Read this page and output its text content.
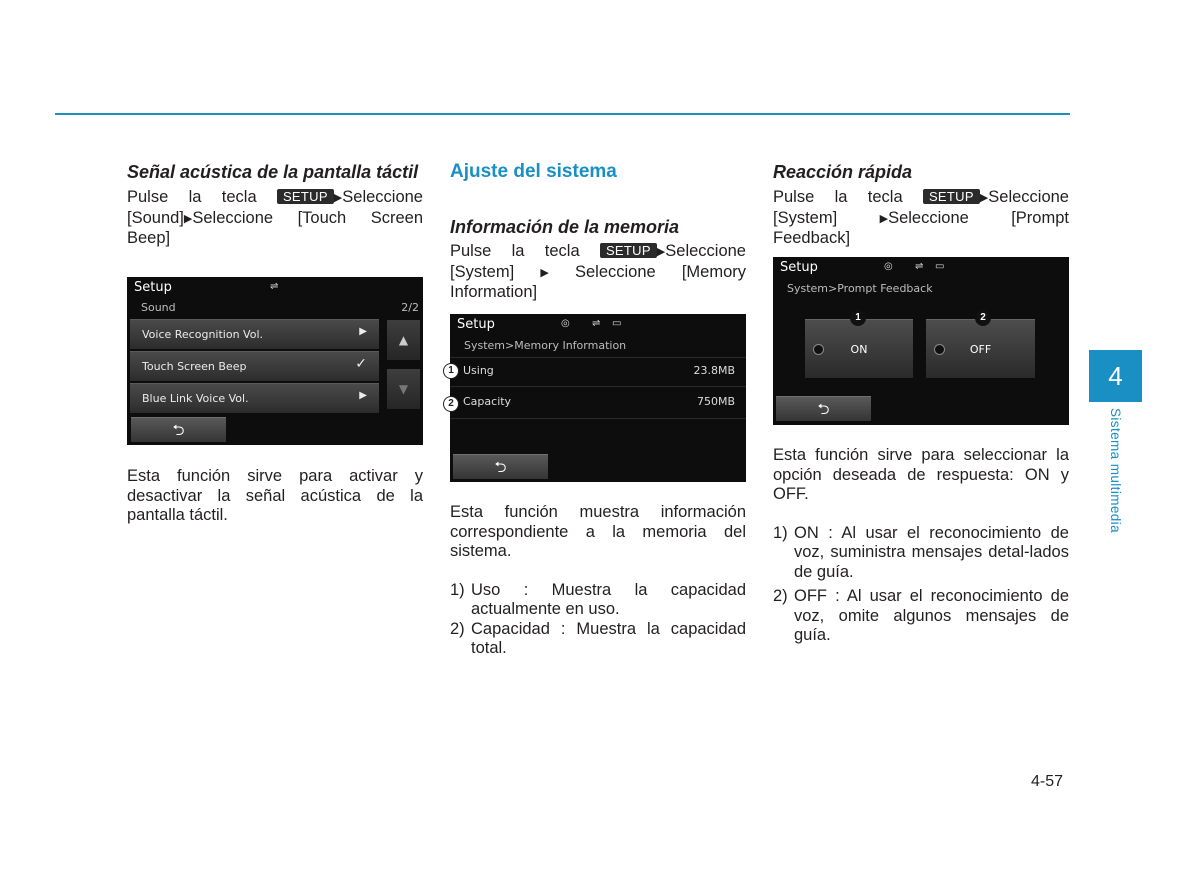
Señal acústica de la pantalla táctil

Pulse la tecla SETUP ▶Seleccione [Sound]▶Seleccione [Touch Screen Beep]

Setup	⇌
Sound	2/2
Voice Recognition Vol.	▶
Touch Screen Beep	✓
Blue Link Voice Vol.	▶
▲
▼
⮌

Esta función sirve para activar y desactivar la señal acústica de la pantalla táctil.

Ajuste del sistema
Información de la memoria

Pulse la tecla SETUP ▶Seleccione [System] ▶ Seleccione [Memory Information]

Setup	◎ ⇌ ▭
System>Memory Information
Using	23.8MB
Capacity	750MB
⮌
1
2

Esta función muestra información correspondiente a la memoria del sistema.

1) Uso : Muestra la capacidad actualmente en uso.
2) Capacidad : Muestra la capacidad total.
Reacción rápida

Pulse la tecla SETUP ▶Seleccione [System]	▶Seleccione [Prompt Feedback]

Setup	◎ ⇌ ▭
System>Prompt Feedback
ON	OFF
⮌
1	2

Esta función sirve para seleccionar la opción deseada de respuesta: ON y OFF.

1) ON : Al usar el reconocimiento de voz, suministra mensajes detal-lados de guía.
2) OFF : Al usar el reconocimiento de voz, omite algunos mensajes de guía.
4
Sistema multimedia
4-57
